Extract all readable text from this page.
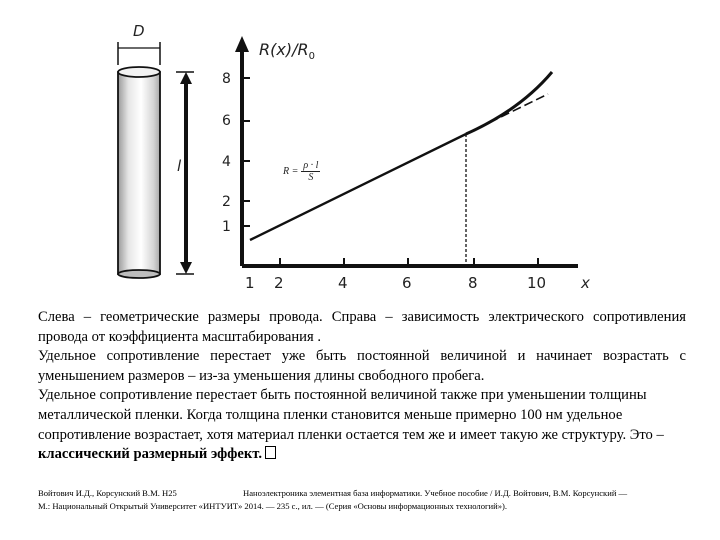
D
l
$R(x)/R_0$
8
6
4
2
1
1 2	4	6	8	10 x
$R = \frac{\rho \cdot l}{S}$

Слева – геометрические размеры провода. Справа – зависимость электрического сопротивления провода от коэффициента масштабирования .

Удельное сопротивление перестает уже быть постоянной величиной и начинает возрастать с уменьшением размеров – из-за уменьшения длины свободного пробега.

Удельное сопротивление перестает быть постоянной величиной также при уменьшении толщины металлической пленки. Когда толщина пленки становится меньше примерно 100 нм удельное сопротивление возрастает, хотя материал пленки остается тем же и имеет такую же структуру. Это –классический размерный эффект.

Войтович И.Д., Корсунский В.М. Н25	Наноэлектроника элементная база информатики. Учебное пособие / И.Д. Войтович, В.М. Корсунский —
М.: Национальный Открытый Университет «ИНТУИТ» 2014. — 235 с., ил. — (Серия «Основы информационных технологий»).
